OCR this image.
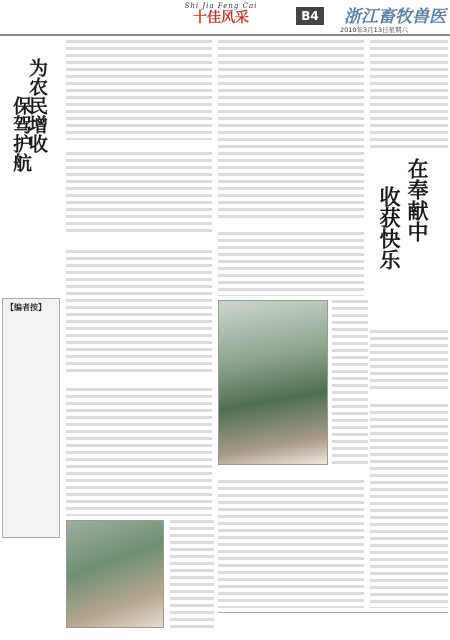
Shi Jia Feng Cai
十佳风采	B4	浙江畜牧兽医
2010年3月13日星期六
为农民增收
保驾护航
【编者按】
在奉献中
收获快乐
